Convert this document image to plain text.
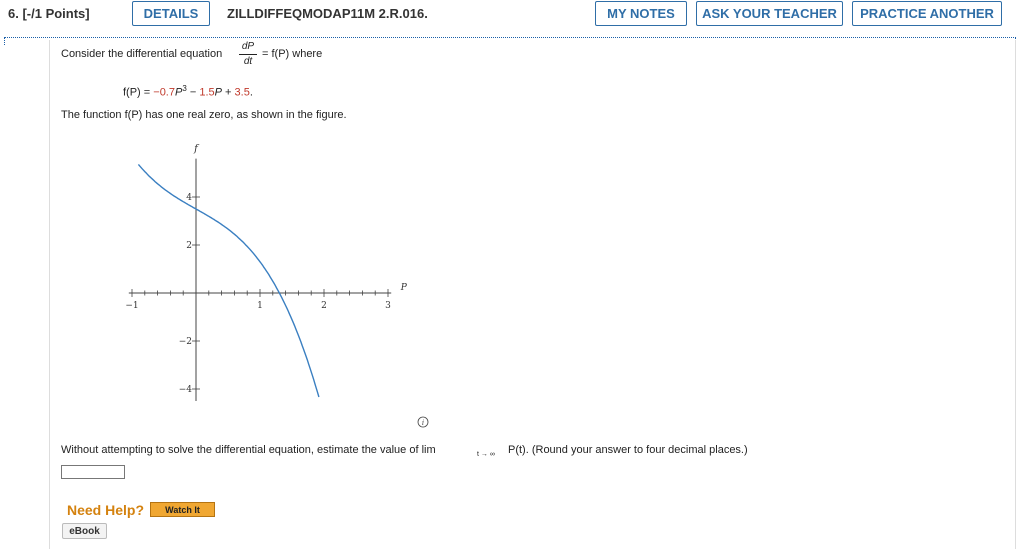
6. [-/1 Points]	DETAILS	ZILLDIFFEQMODAP11M 2.R.016.	MY NOTES	ASK YOUR TEACHER	PRACTICE ANOTHER
Consider the differential equation
dP
dt
= f(P) where
$f(P) = -0.7P^3 - 1.5P + 3.5$.
The function f(P) has one real zero, as shown in the figure.
−1	1	2	3
4
2
−2
−4
P
f
i
Without attempting to solve the differential equation, estimate the value of lim	t → ∞ P(t). (Round your answer to four decimal places.)
Need Help?	Watch It
eBook
